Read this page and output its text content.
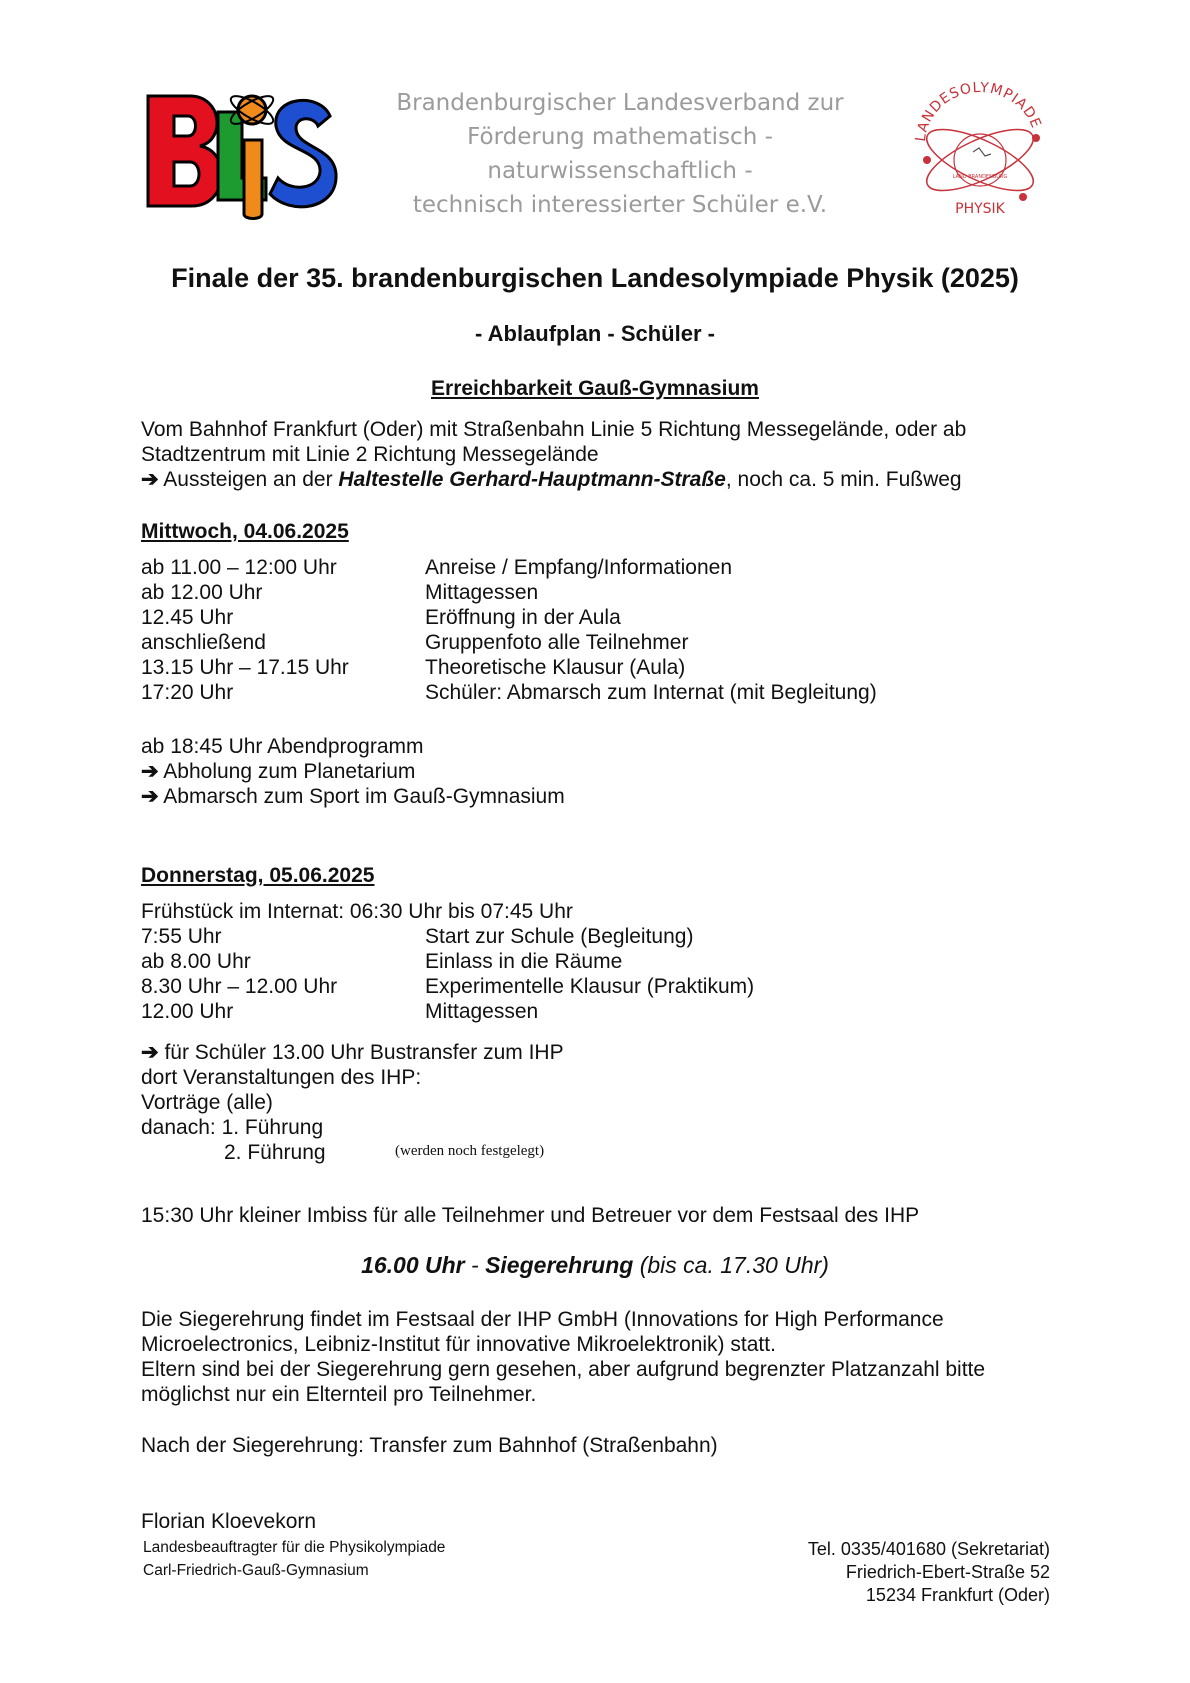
Brandenburgischer Landesverband zur
Förderung mathematisch -
naturwissenschaftlich -
technisch interessierter Schüler e.V.
LANDESOLYMPIADE
LAND BRANDENBURG
PHYSIK
Finale der 35. brandenburgischen Landesolympiade Physik (2025)
- Ablaufplan - Schüler -
Erreichbarkeit Gauß-Gymnasium
Vom Bahnhof Frankfurt (Oder) mit Straßenbahn Linie 5 Richtung Messegelände, oder ab
Stadtzentrum mit Linie 2 Richtung Messegelände
➔ Aussteigen an der Haltestelle Gerhard-Hauptmann-Straße, noch ca. 5 min. Fußweg
Mittwoch, 04.06.2025
ab 11.00 – 12:00 Uhr	Anreise / Empfang/Informationen
ab 12.00 Uhr	Mittagessen
12.45 Uhr	Eröffnung in der Aula
anschließend	Gruppenfoto alle Teilnehmer
13.15 Uhr – 17.15 Uhr	Theoretische Klausur (Aula)
17:20 Uhr	Schüler: Abmarsch zum Internat (mit Begleitung)
ab 18:45 Uhr Abendprogramm
➔ Abholung zum Planetarium
➔ Abmarsch zum Sport im Gauß-Gymnasium
Donnerstag, 05.06.2025
Frühstück im Internat: 06:30 Uhr bis 07:45 Uhr
7:55 Uhr	Start zur Schule (Begleitung)
ab 8.00 Uhr	Einlass in die Räume
8.30 Uhr – 12.00 Uhr	Experimentelle Klausur (Praktikum)
12.00 Uhr	Mittagessen
➔ für Schüler 13.00 Uhr Bustransfer zum IHP
dort Veranstaltungen des IHP:
Vorträge (alle)
danach: 1. Führung
2. Führung	(werden noch festgelegt)
15:30 Uhr kleiner Imbiss für alle Teilnehmer und Betreuer vor dem Festsaal des IHP
16.00 Uhr - Siegerehrung (bis ca. 17.30 Uhr)
Die Siegerehrung findet im Festsaal der IHP GmbH (Innovations for High Performance
Microelectronics, Leibniz-Institut für innovative Mikroelektronik) statt.
Eltern sind bei der Siegerehrung gern gesehen, aber aufgrund begrenzter Platzanzahl bitte
möglichst nur ein Elternteil pro Teilnehmer.
Nach der Siegerehrung: Transfer zum Bahnhof (Straßenbahn)
Florian Kloevekorn
Landesbeauftragter für die Physikolympiade
Carl-Friedrich-Gauß-Gymnasium
Tel. 0335/401680 (Sekretariat)
Friedrich-Ebert-Straße 52
15234 Frankfurt (Oder)
